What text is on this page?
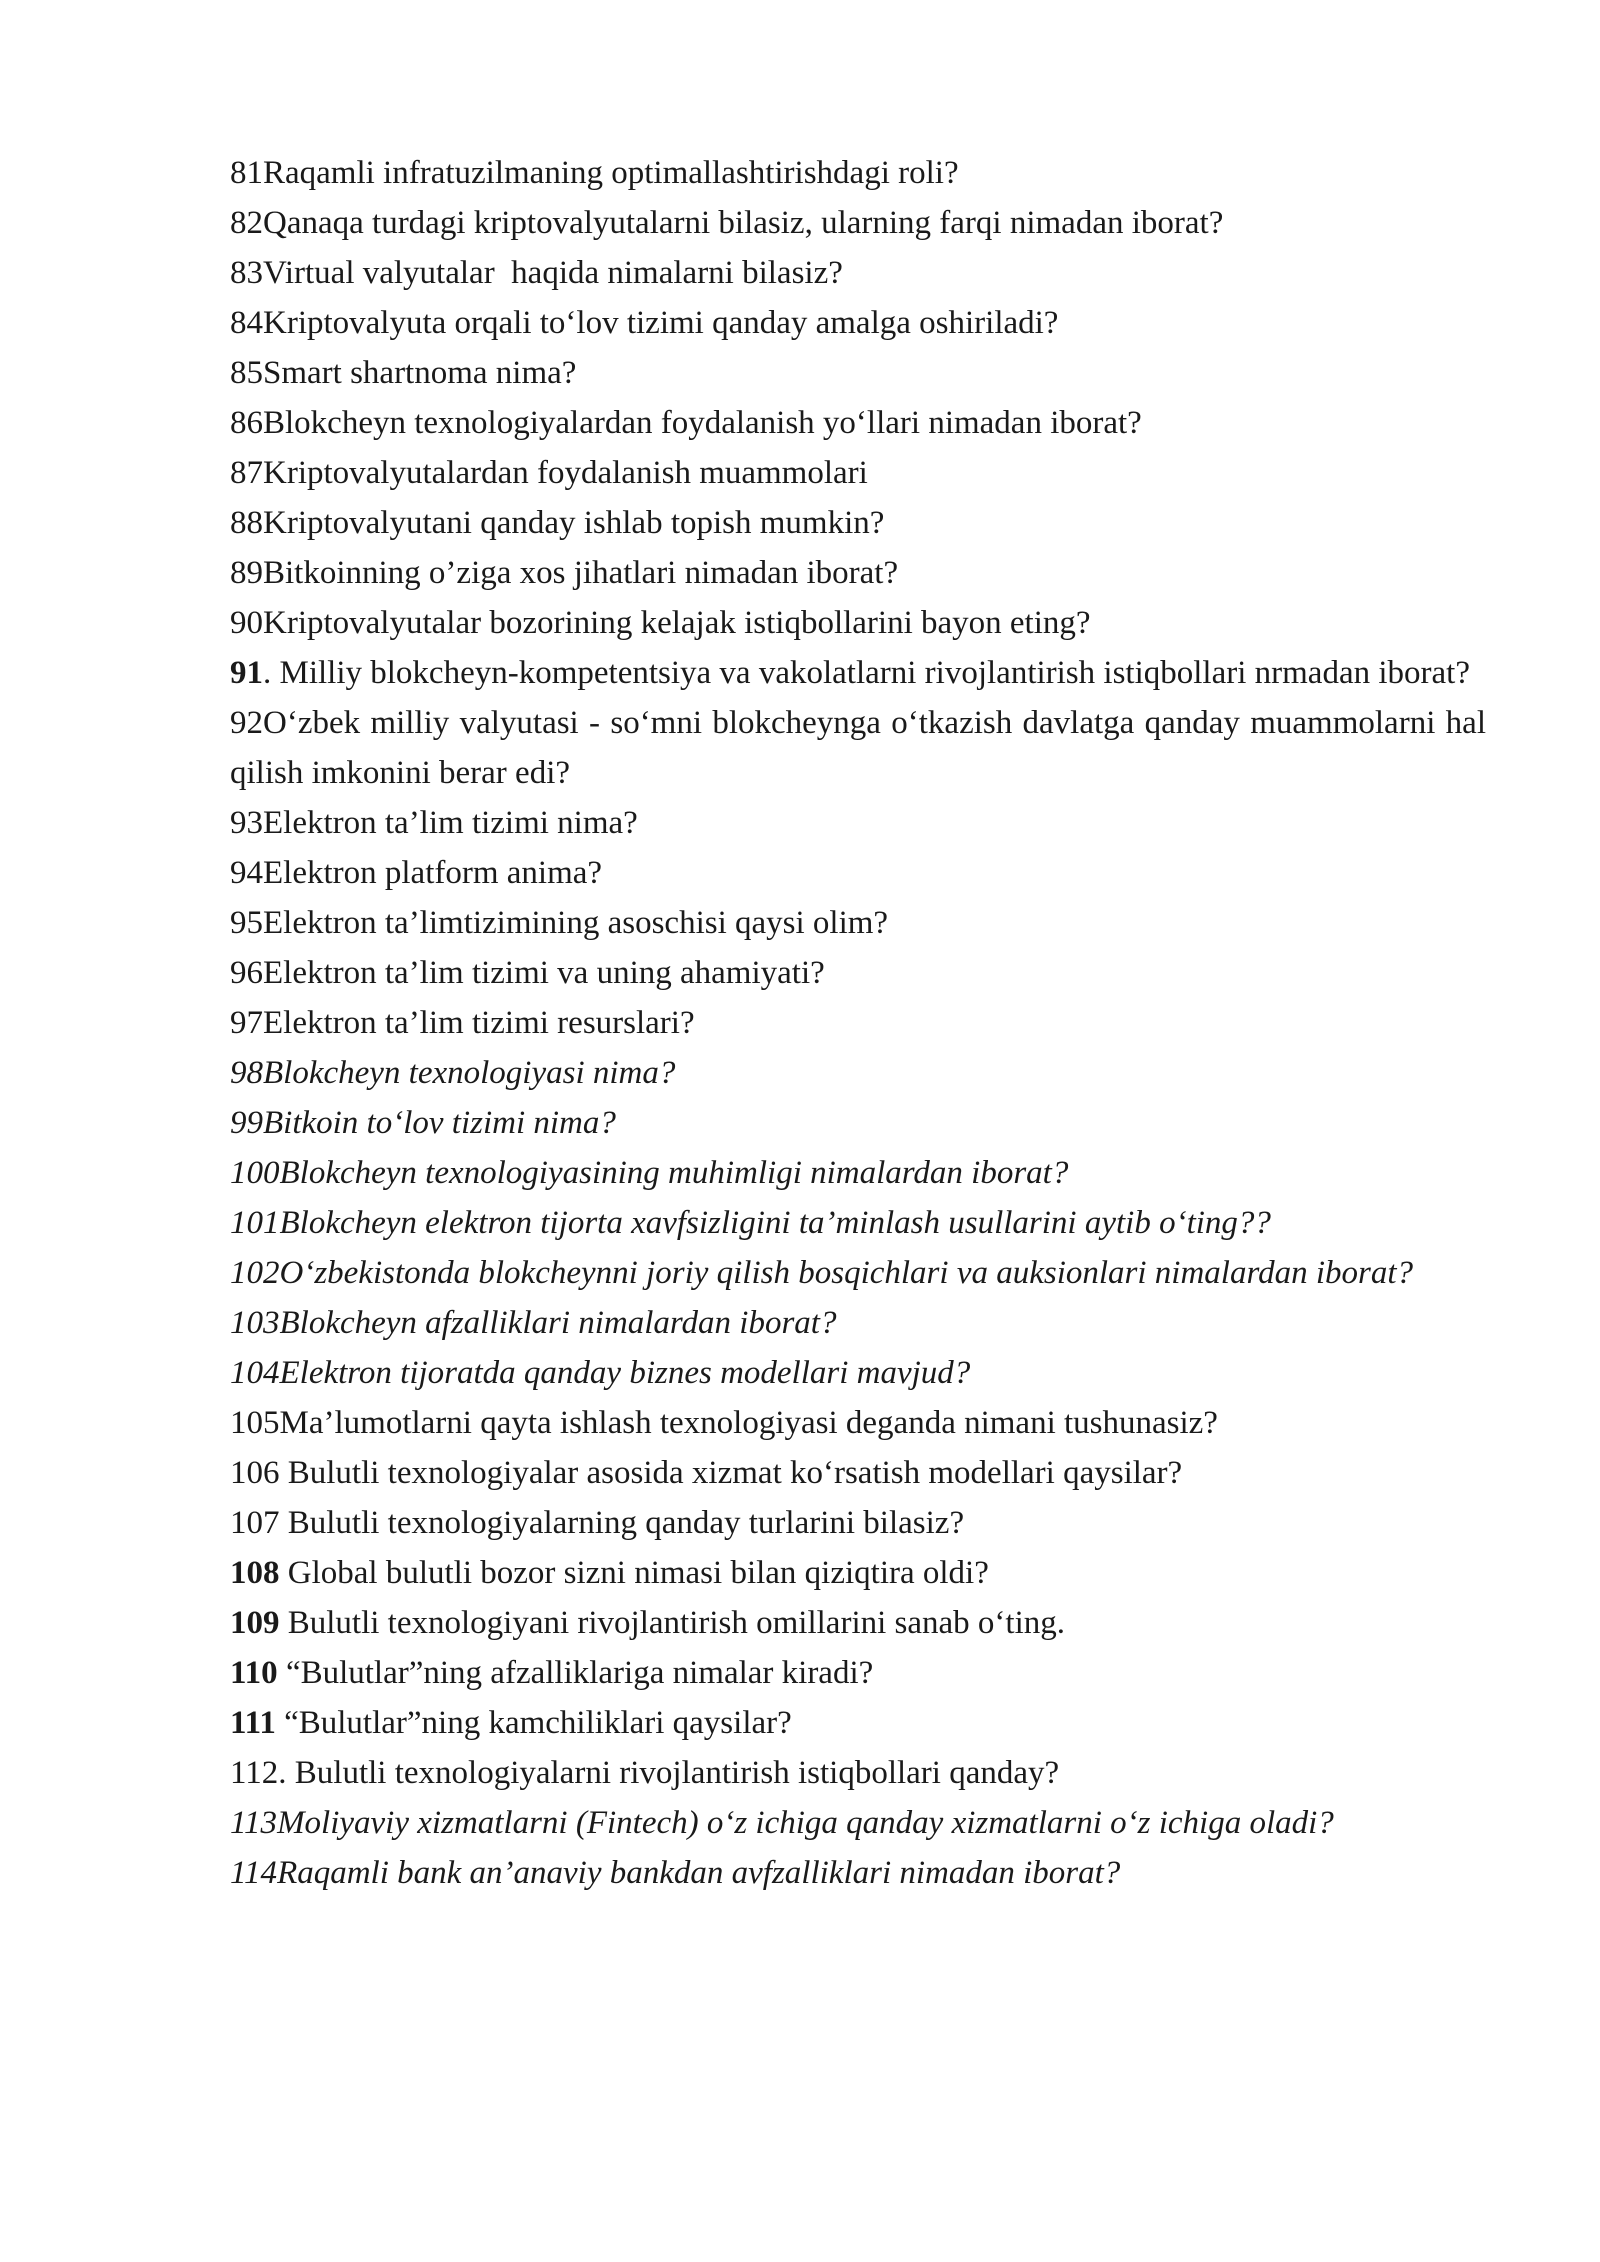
81Raqamli infratuzilmaning optimallashtirishdagi roli?
82Qanaqa turdagi kriptovalyutalarni bilasiz, ularning farqi nimadan iborat?
83Virtual valyutalar  haqida nimalarni bilasiz?
84Kriptovalyuta orqali to‘lov tizimi qanday amalga oshiriladi?
85Smart shartnoma nima?
86Blokcheyn texnologiyalardan foydalanish yo‘llari nimadan iborat?
87Kriptovalyutalardan foydalanish muammolari
88Kriptovalyutani qanday ishlab topish mumkin?
89Bitkoinning o’ziga xos jihatlari nimadan iborat?
90Kriptovalyutalar bozorining kelajak istiqbollarini bayon eting?
91. Milliy blokcheyn-kompetentsiya va vakolatlarni rivojlantirish istiqbollari nrmadan iborat?
92O‘zbek milliy valyutasi - so‘mni blokcheynga o‘tkazish davlatga qanday muammolarni hal qilish imkonini berar edi?
93Elektron ta’lim tizimi nima?
94Elektron platform anima?
95Elektron ta’limtizimining asoschisi qaysi olim?
96Elektron ta’lim tizimi va uning ahamiyati?
97Elektron ta’lim tizimi resurslari?
98Blokcheyn texnologiyasi nima?
99Bitkoin to‘lov tizimi nima?
100Blokcheyn texnologiyasining muhimligi nimalardan iborat?
101Blokcheyn elektron tijorta xavfsizligini ta’minlash usullarini aytib o‘ting??
102O‘zbekistonda blokcheynni joriy qilish bosqichlari va auksionlari nimalardan iborat?
103Blokcheyn afzalliklari nimalardan iborat?
104Elektron tijoratda qanday biznes modellari mavjud?
105Ma’lumotlarni qayta ishlash texnologiyasi deganda nimani tushunasiz?
106 Bulutli texnologiyalar asosida xizmat ko‘rsatish modellari qaysilar?
107 Bulutli texnologiyalarning qanday turlarini bilasiz?
108 Global bulutli bozor sizni nimasi bilan qiziqtira oldi?
109 Bulutli texnologiyani rivojlantirish omillarini sanab o‘ting.
110 “Bulutlar”ning afzalliklariga nimalar kiradi?
111 “Bulutlar”ning kamchiliklari qaysilar?
112. Bulutli texnologiyalarni rivojlantirish istiqbollari qanday?
113Moliyaviy xizmatlarni (Fintech) o‘z ichiga qanday xizmatlarni o‘z ichiga oladi?
114Raqamli bank an’anaviy bankdan avfzalliklari nimadan iborat?
